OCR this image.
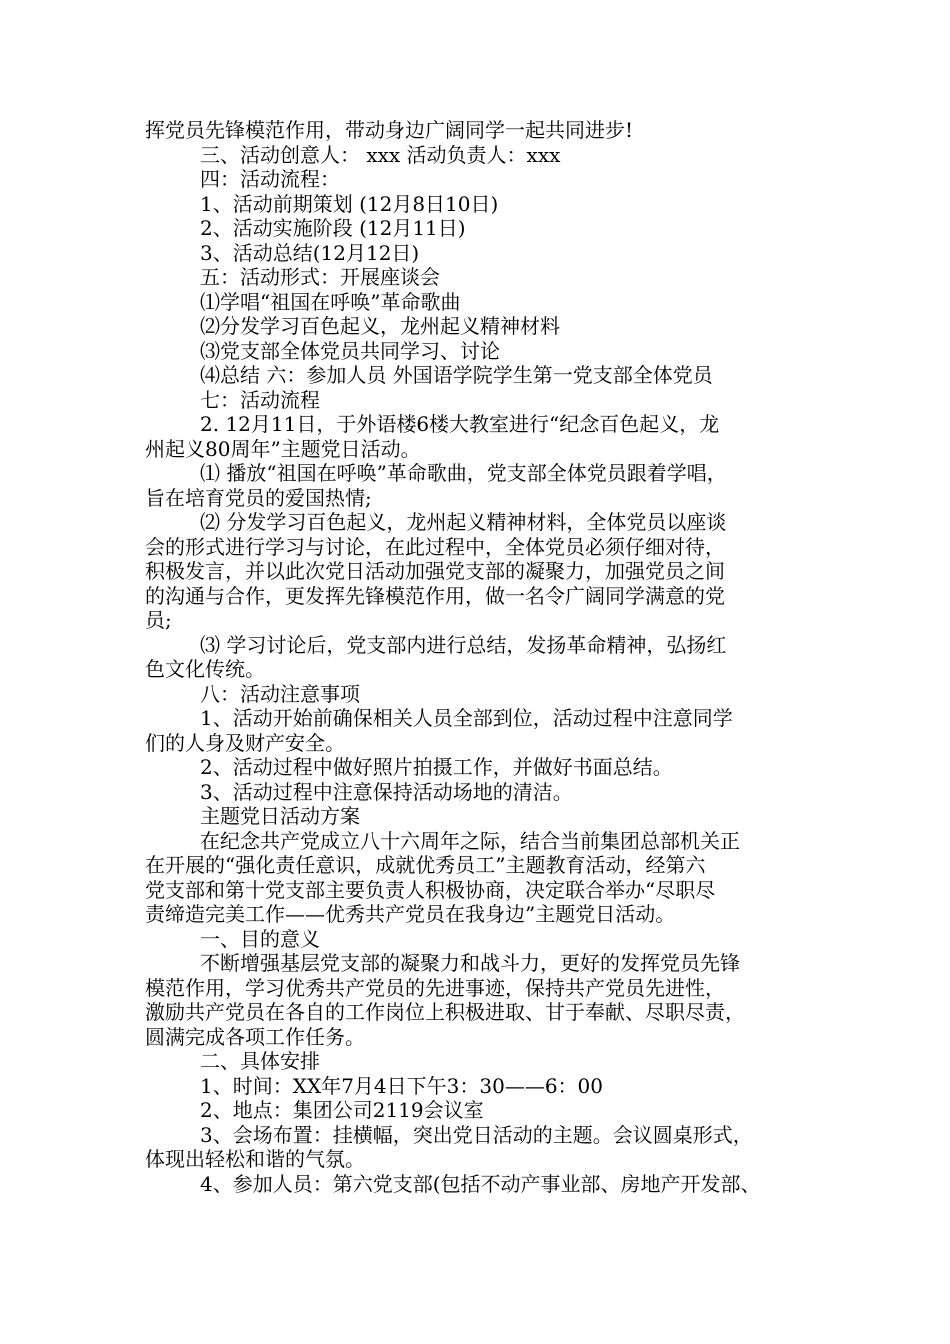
挥党员先锋模范作用，带动身边广阔同学一起共同进步!
三、活动创意人： xxx 活动负责人：xxx
四：活动流程：
1、活动前期策划 (12月8日10日)
2、活动实施阶段 (12月11日)
3、活动总结(12月12日)
五：活动形式：开展座谈会
⑴学唱“祖国在呼唤”革命歌曲
⑵分发学习百色起义，龙州起义精神材料
⑶党支部全体党员共同学习、讨论
⑷总结 六：参加人员 外国语学院学生第一党支部全体党员
七：活动流程
2. 12月11日，于外语楼6楼大教室进行“纪念百色起义，龙
州起义80周年”主题党日活动。
⑴ 播放“祖国在呼唤”革命歌曲，党支部全体党员跟着学唱，
旨在培育党员的爱国热情;
⑵ 分发学习百色起义，龙州起义精神材料，全体党员以座谈
会的形式进行学习与讨论，在此过程中，全体党员必须仔细对待，
积极发言，并以此次党日活动加强党支部的凝聚力，加强党员之间
的沟通与合作，更发挥先锋模范作用，做一名令广阔同学满意的党
员;
⑶ 学习讨论后，党支部内进行总结，发扬革命精神，弘扬红
色文化传统。
八：活动注意事项
1、活动开始前确保相关人员全部到位，活动过程中注意同学
们的人身及财产安全。
2、活动过程中做好照片拍摄工作，并做好书面总结。
3、活动过程中注意保持活动场地的清洁。
主题党日活动方案
在纪念共产党成立八十六周年之际，结合当前集团总部机关正
在开展的“强化责任意识，成就优秀员工”主题教育活动，经第六
党支部和第十党支部主要负责人积极协商，决定联合举办“尽职尽
责缔造完美工作——优秀共产党员在我身边”主题党日活动。
一、目的意义
不断增强基层党支部的凝聚力和战斗力，更好的发挥党员先锋
模范作用，学习优秀共产党员的先进事迹，保持共产党员先进性，
激励共产党员在各自的工作岗位上积极进取、甘于奉献、尽职尽责，
圆满完成各项工作任务。
二、具体安排
1、时间：XX年7月4日下午3：30——6：00
2、地点：集团公司2119会议室
3、会场布置：挂横幅，突出党日活动的主题。会议圆桌形式，
体现出轻松和谐的气氛。
4、参加人员：第六党支部(包括不动产事业部、房地产开发部、
